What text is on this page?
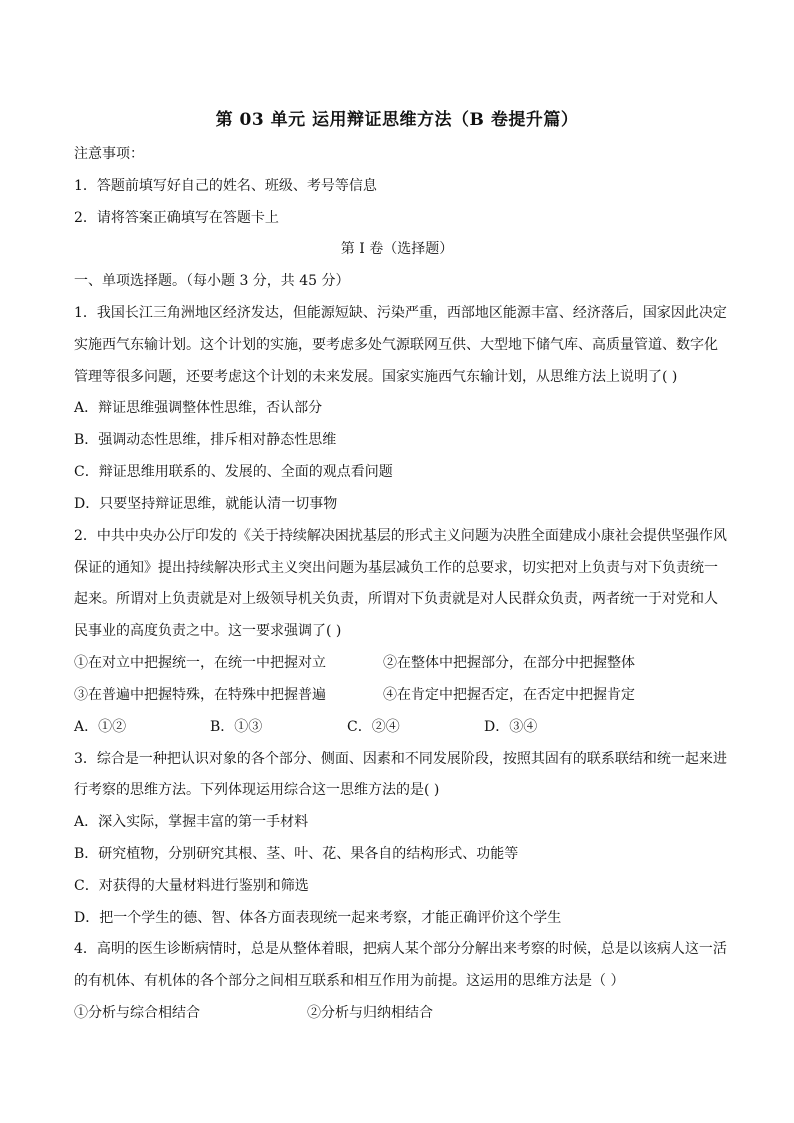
第 03 单元 运用辩证思维方法（B 卷提升篇）
注意事项：
1．答题前填写好自己的姓名、班级、考号等信息
2．请将答案正确填写在答题卡上
第 I 卷（选择题）
一、单项选择题。（每小题 3 分，共 45 分）
1．我国长江三角洲地区经济发达，但能源短缺、污染严重，西部地区能源丰富、经济落后，国家因此决定
实施西气东输计划。这个计划的实施，要考虑多处气源联网互供、大型地下储气库、高质量管道、数字化
管理等很多问题，还要考虑这个计划的未来发展。国家实施西气东输计划，从思维方法上说明了( )
A．辩证思维强调整体性思维，否认部分
B．强调动态性思维，排斥相对静态性思维
C．辩证思维用联系的、发展的、全面的观点看问题
D．只要坚持辩证思维，就能认清一切事物
2．中共中央办公厅印发的《关于持续解决困扰基层的形式主义问题为决胜全面建成小康社会提供坚强作风
保证的通知》提出持续解决形式主义突出问题为基层减负工作的总要求，切实把对上负责与对下负责统一
起来。所谓对上负责就是对上级领导机关负责，所谓对下负责就是对人民群众负责，两者统一于对党和人
民事业的高度负责之中。这一要求强调了( )
①在对立中把握统一，在统一中把握对立	②在整体中把握部分，在部分中把握整体
③在普遍中把握特殊，在特殊中把握普遍	④在肯定中把握否定，在否定中把握肯定
A．①②	B．①③	C．②④	D．③④
3．综合是一种把认识对象的各个部分、侧面、因素和不同发展阶段，按照其固有的联系联结和统一起来进
行考察的思维方法。下列体现运用综合这一思维方法的是( )
A．深入实际，掌握丰富的第一手材料
B．研究植物，分别研究其根、茎、叶、花、果各自的结构形式、功能等
C．对获得的大量材料进行鉴别和筛选
D．把一个学生的德、智、体各方面表现统一起来考察，才能正确评价这个学生
4．高明的医生诊断病情时，总是从整体着眼，把病人某个部分分解出来考察的时候，总是以该病人这一活
的有机体、有机体的各个部分之间相互联系和相互作用为前提。这运用的思维方法是（ ）
①分析与综合相结合	②分析与归纳相结合
